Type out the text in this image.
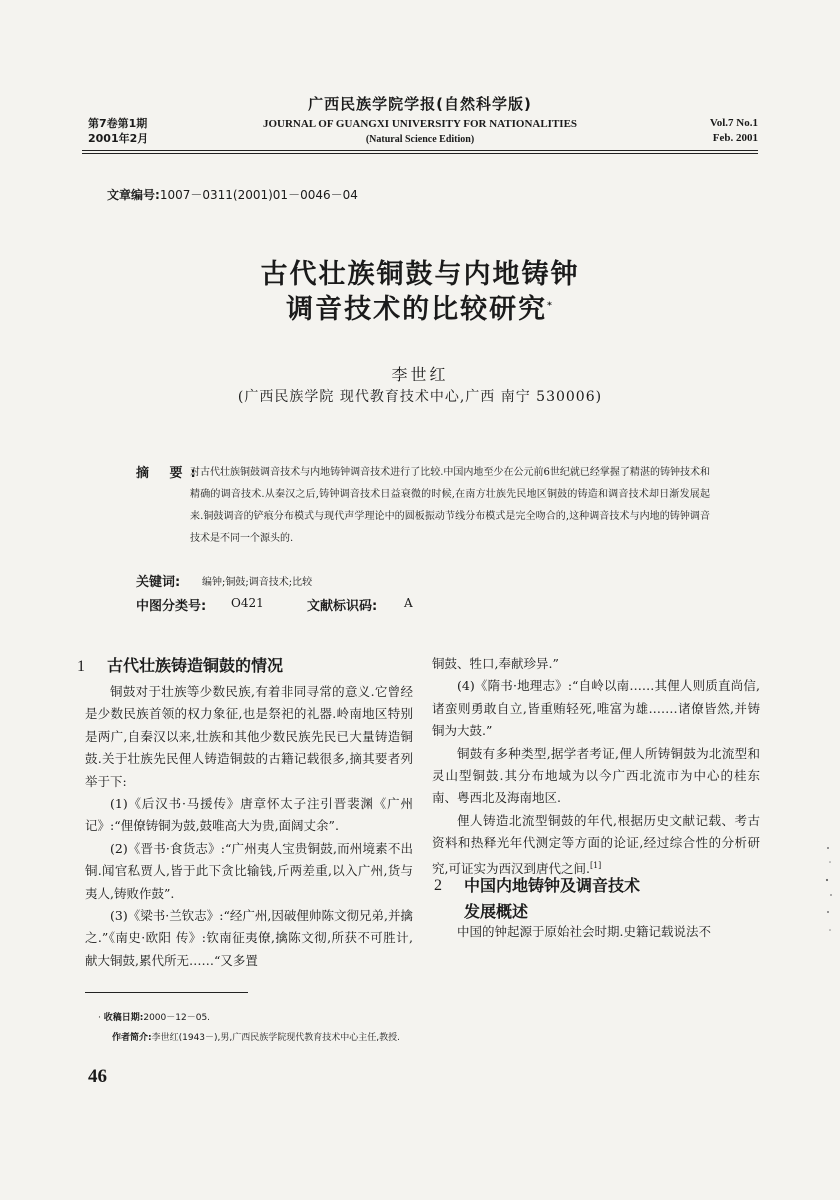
广西民族学院学报(自然科学版)
JOURNAL OF GUANGXI UNIVERSITY FOR NATIONALITIES
(Natural Science Edition)
第7卷第1期
2001年2月
Vol.7 No.1
Feb. 2001
文章编号:1007－0311(2001)01－0046－04
古代壮族铜鼓与内地铸钟
调音技术的比较研究*
李世红
(广西民族学院 现代教育技术中心,广西 南宁 530006)
摘 要:

对古代壮族铜鼓调音技术与内地铸钟调音技术进行了比较.中国内地至少在公元前6世纪就已经掌握了精湛的铸钟技术和精确的调音技术.从秦汉之后,铸钟调音技术日益衰微的时候,在南方壮族先民地区铜鼓的铸造和调音技术却日渐发展起来.铜鼓调音的铲痕分布模式与现代声学理论中的圆板振动节线分布模式是完全吻合的,这种调音技术与内地的铸钟调音技术是不同一个源头的.

关键词: 编钟;铜鼓;调音技术;比较
中图分类号: O421	文献标识码: A
1 古代壮族铸造铜鼓的情况

铜鼓对于壮族等少数民族,有着非同寻常的意义.它曾经是少数民族首领的权力象征,也是祭祀的礼器.岭南地区特别是两广,自秦汉以来,壮族和其他少数民族先民已大量铸造铜鼓.关于壮族先民俚人铸造铜鼓的古籍记载很多,摘其要者列举于下:

(1)《后汉书·马援传》唐章怀太子注引晋裴渊《广州记》:“俚僚铸铜为鼓,鼓唯高大为贵,面阔丈余”.

(2)《晋书·食货志》:“广州夷人宝贵铜鼓,而州境素不出铜.闻官私贾人,皆于此下贪比输钱,斤两差重,以入广州,货与夷人,铸败作鼓”.

(3)《梁书·兰钦志》:“经广州,因破俚帅陈文彻兄弟,并擒之.”《南史·欧阳 传》:钦南征夷僚,擒陈文彻,所获不可胜计,献大铜鼓,累代所无……“又多置

铜鼓、牲口,奉献珍异.”

(4)《隋书·地理志》:“自岭以南……其俚人则质直尚信,诸蛮则勇敢自立,皆重贿轻死,唯富为雄.……诸僚皆然,并铸铜为大鼓.”

铜鼓有多种类型,据学者考证,俚人所铸铜鼓为北流型和灵山型铜鼓.其分布地域为以今广西北流市为中心的桂东南、粤西北及海南地区.

俚人铸造北流型铜鼓的年代,根据历史文献记载、考古资料和热释光年代测定等方面的论证,经过综合性的分析研究,可证实为西汉到唐代之间.[1]

2	中国内地铸钟及调音技术
发展概述

中国的钟起源于原始社会时期.史籍记载说法不

· 收稿日期:2000－12－05.
作者简介:李世红(1943－),男,广西民族学院现代教育技术中心主任,教授.
46
